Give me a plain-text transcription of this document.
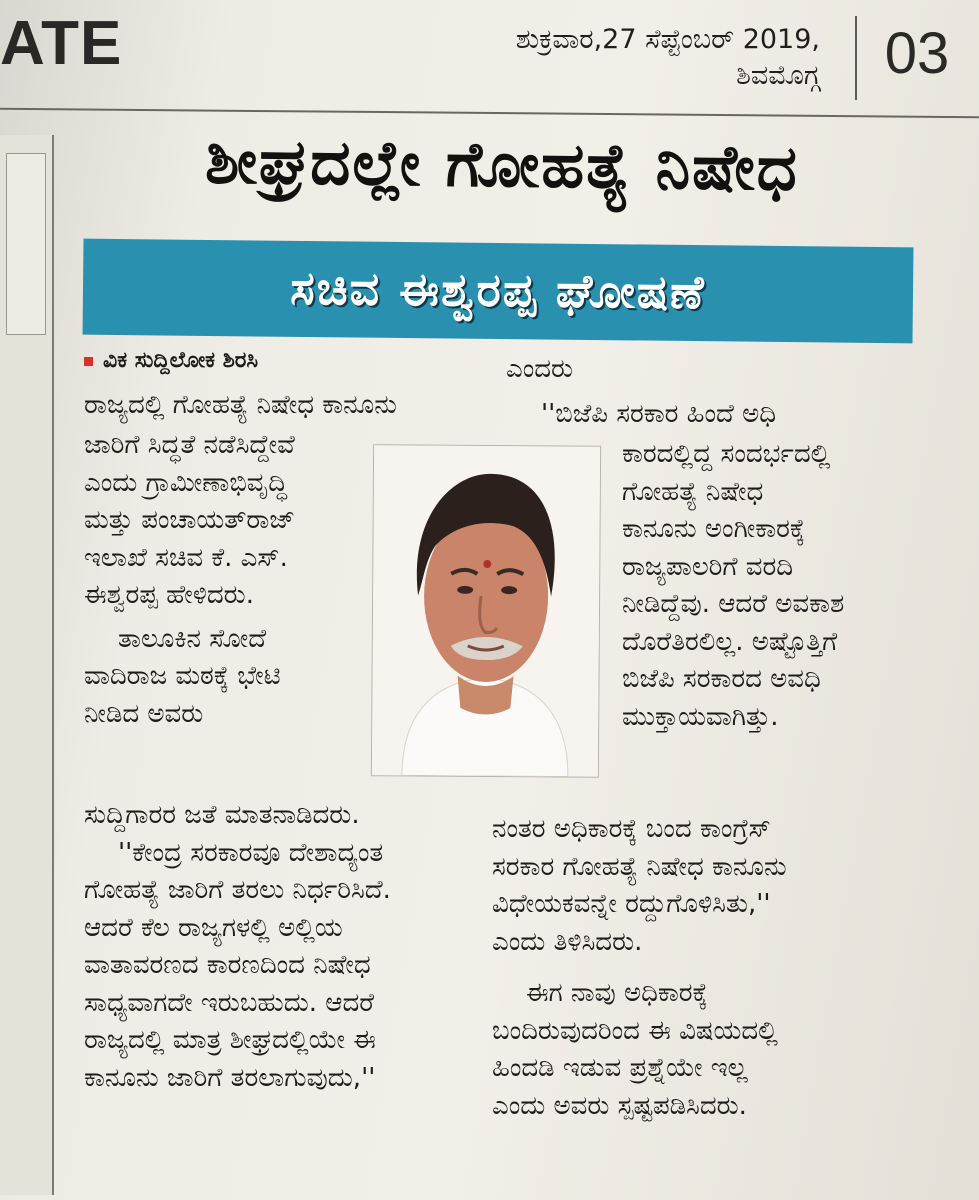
ATE	ಶುಕ್ರವಾರ,27 ಸೆಪ್ಟೆಂಬರ್ 2019,
ಶಿವಮೊಗ್ಗ	03
ಶೀಘ್ರದಲ್ಲೇ ಗೋಹತ್ಯೆ ನಿಷೇಧ
ಸಚಿವ ಈಶ್ವರಪ್ಪ ಘೋಷಣೆ

ವಿಕ ಸುದ್ದಿಲೋಕ ಶಿರಸಿ

ರಾಜ್ಯದಲ್ಲಿ ಗೋಹತ್ಯೆ ನಿಷೇಧ ಕಾನೂನು

ಜಾರಿಗೆ ಸಿದ್ಧತೆ ನಡೆಸಿದ್ದೇವೆ

ಎಂದು ಗ್ರಾಮೀಣಾಭಿವೃದ್ಧಿ

ಮತ್ತು ಪಂಚಾಯತ್‌ರಾಜ್

ಇಲಾಖೆ ಸಚಿವ ಕೆ. ಎಸ್.

ಈಶ್ವರಪ್ಪ ಹೇಳಿದರು.

ತಾಲೂಕಿನ ಸೋದೆ

ವಾದಿರಾಜ ಮಠಕ್ಕೆ ಭೇಟಿ

ನೀಡಿದ ಅವರು

ಸುದ್ದಿಗಾರರ ಜತೆ ಮಾತನಾಡಿದರು.

''ಕೇಂದ್ರ ಸರಕಾರವೂ ದೇಶಾದ್ಯಂತ

ಗೋಹತ್ಯೆ ಜಾರಿಗೆ ತರಲು ನಿರ್ಧರಿಸಿದೆ.

ಆದರೆ ಕೆಲ ರಾಜ್ಯಗಳಲ್ಲಿ ಅಲ್ಲಿಯ

ವಾತಾವರಣದ ಕಾರಣದಿಂದ ನಿಷೇಧ

ಸಾಧ್ಯವಾಗದೇ ಇರುಬಹುದು. ಆದರೆ

ರಾಜ್ಯದಲ್ಲಿ ಮಾತ್ರ ಶೀಘ್ರದಲ್ಲಿಯೇ ಈ

ಕಾನೂನು ಜಾರಿಗೆ ತರಲಾಗುವುದು,''

ಎಂದರು

''ಬಿಜೆಪಿ ಸರಕಾರ ಹಿಂದೆ ಅಧಿ

ಕಾರದಲ್ಲಿದ್ದ ಸಂದರ್ಭದಲ್ಲಿ

ಗೋಹತ್ಯೆ ನಿಷೇಧ

ಕಾನೂನು ಅಂಗೀಕಾರಕ್ಕೆ

ರಾಜ್ಯಪಾಲರಿಗೆ ವರದಿ

ನೀಡಿದ್ದೆವು. ಆದರೆ ಅವಕಾಶ

ದೊರೆತಿರಲಿಲ್ಲ. ಅಷ್ಟೊತ್ತಿಗೆ

ಬಿಜೆಪಿ ಸರಕಾರದ ಅವಧಿ

ಮುಕ್ತಾಯವಾಗಿತ್ತು.

ನಂತರ ಅಧಿಕಾರಕ್ಕೆ ಬಂದ ಕಾಂಗ್ರೆಸ್

ಸರಕಾರ ಗೋಹತ್ಯೆ ನಿಷೇಧ ಕಾನೂನು

ವಿಧೇಯಕವನ್ನೇ ರದ್ದುಗೊಳಿಸಿತು,''

ಎಂದು ತಿಳಿಸಿದರು.

ಈಗ ನಾವು ಅಧಿಕಾರಕ್ಕೆ

ಬಂದಿರುವುದರಿಂದ ಈ ವಿಷಯದಲ್ಲಿ

ಹಿಂದಡಿ ಇಡುವ ಪ್ರಶ್ನೆಯೇ ಇಲ್ಲ

ಎಂದು ಅವರು ಸ್ಪಷ್ಟಪಡಿಸಿದರು.
